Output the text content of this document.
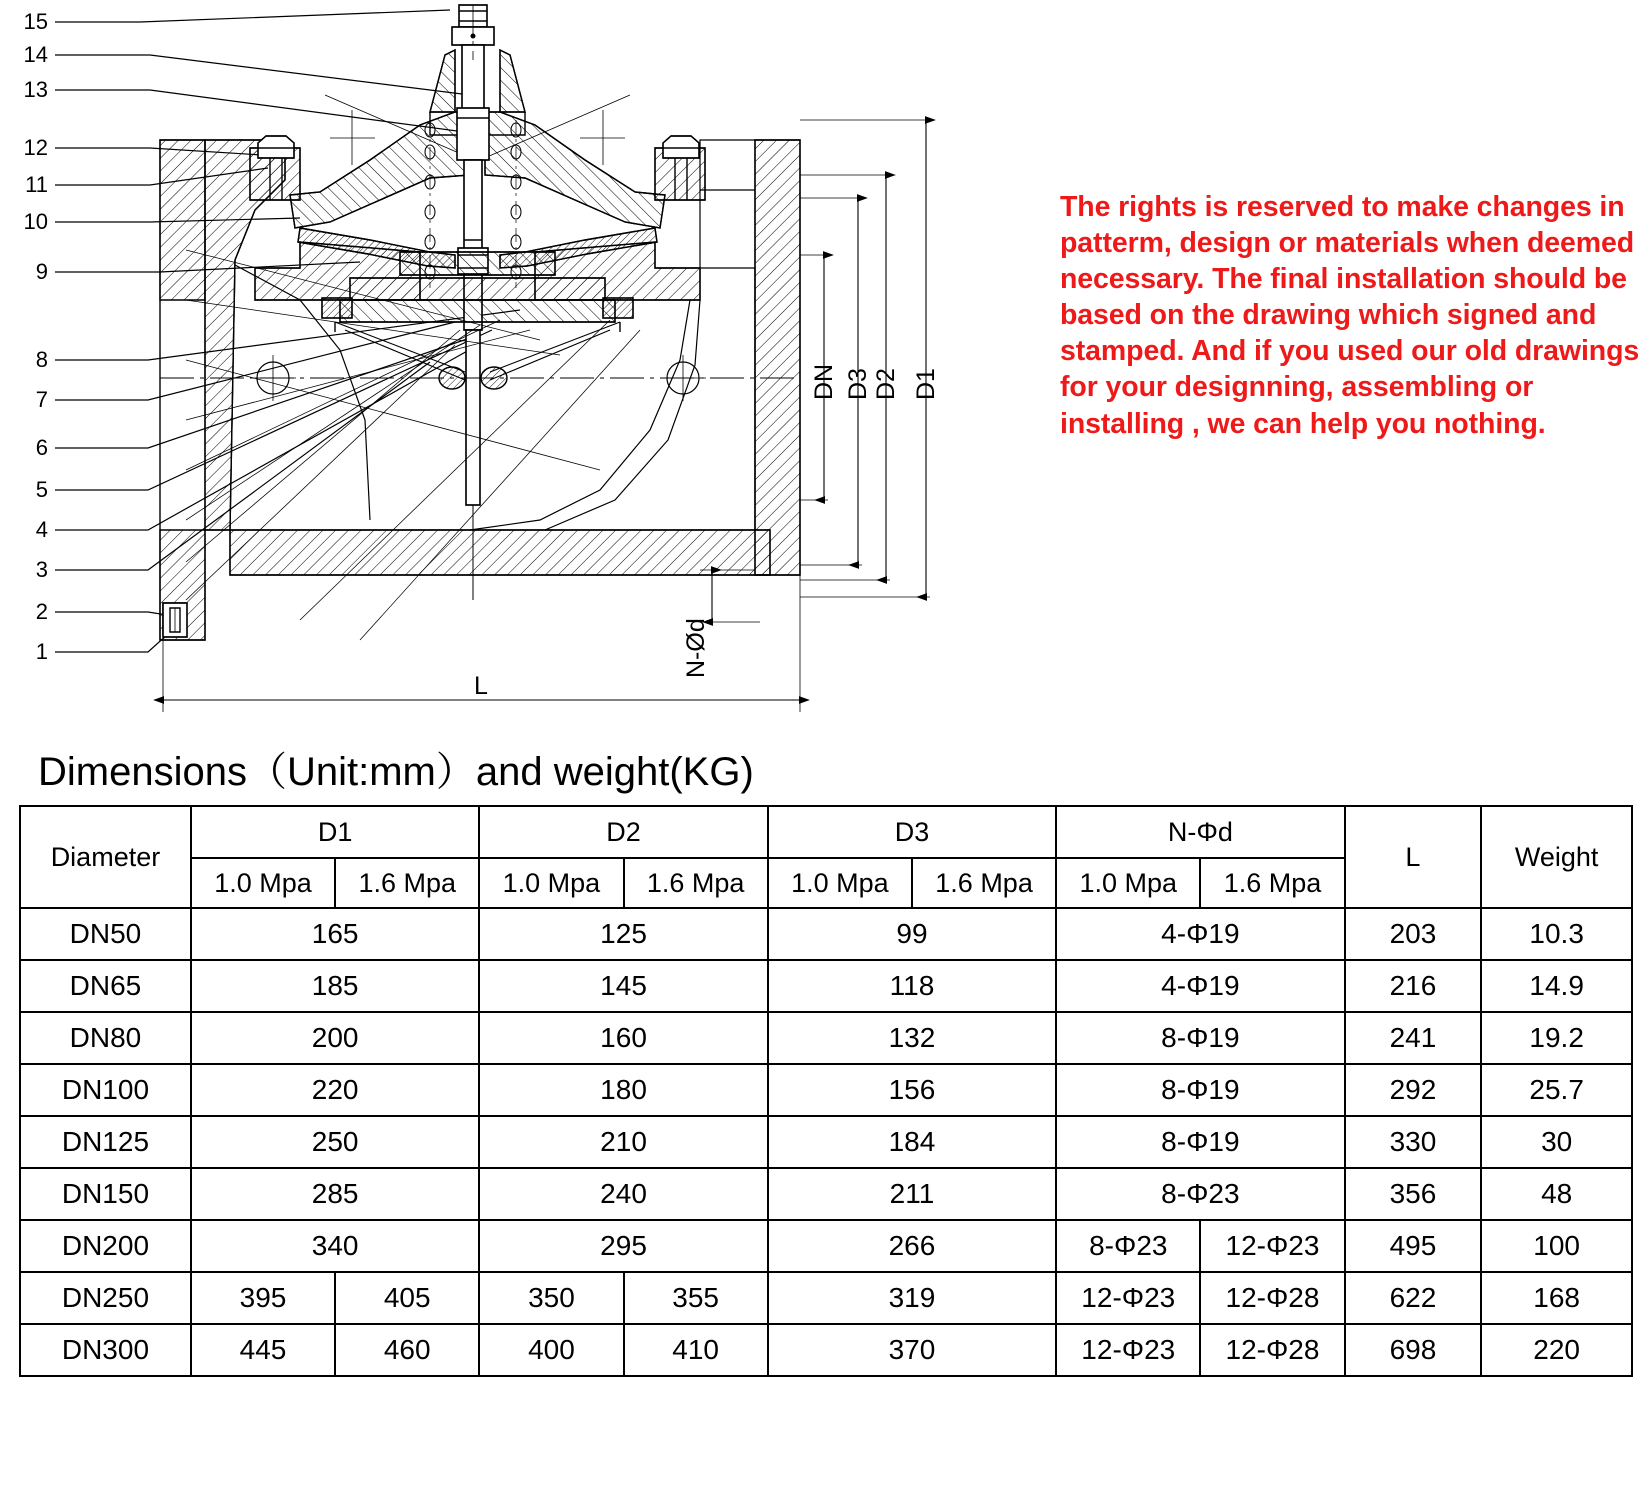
15
14
13
12
11
10
9
8
7
6
5
4
3
2
1
DN D3 D2 D1
N-Ød
L

The rights is reserved to make changes in patterm, design or materials when deemed necessary. The final installation should be based on the drawing which signed and stamped. And if you used our old drawings for your designning, assembling or installing , we can help you nothing.

Dimensions（Unit:mm）and weight(KG)
Diameter	D1		D2		D3		N-Φd		L	Weight
	1.0 Mpa	1.6 Mpa	1.0 Mpa	1.6 Mpa	1.0 Mpa	1.6 Mpa	1.0 Mpa	1.6 Mpa		
DN50	165		125		99		4-Φ19		203	10.3
DN65	185		145		118		4-Φ19		216	14.9
DN80	200		160		132		8-Φ19		241	19.2
DN100	220		180		156		8-Φ19		292	25.7
DN125	250		210		184		8-Φ19		330	30
DN150	285		240		211		8-Φ23		356	48
DN200	340		295		266		8-Φ23	12-Φ23	495	100
DN250	395	405	350	355	319		12-Φ23	12-Φ28	622	168
DN300	445	460	400	410	370		12-Φ23	12-Φ28	698	220
